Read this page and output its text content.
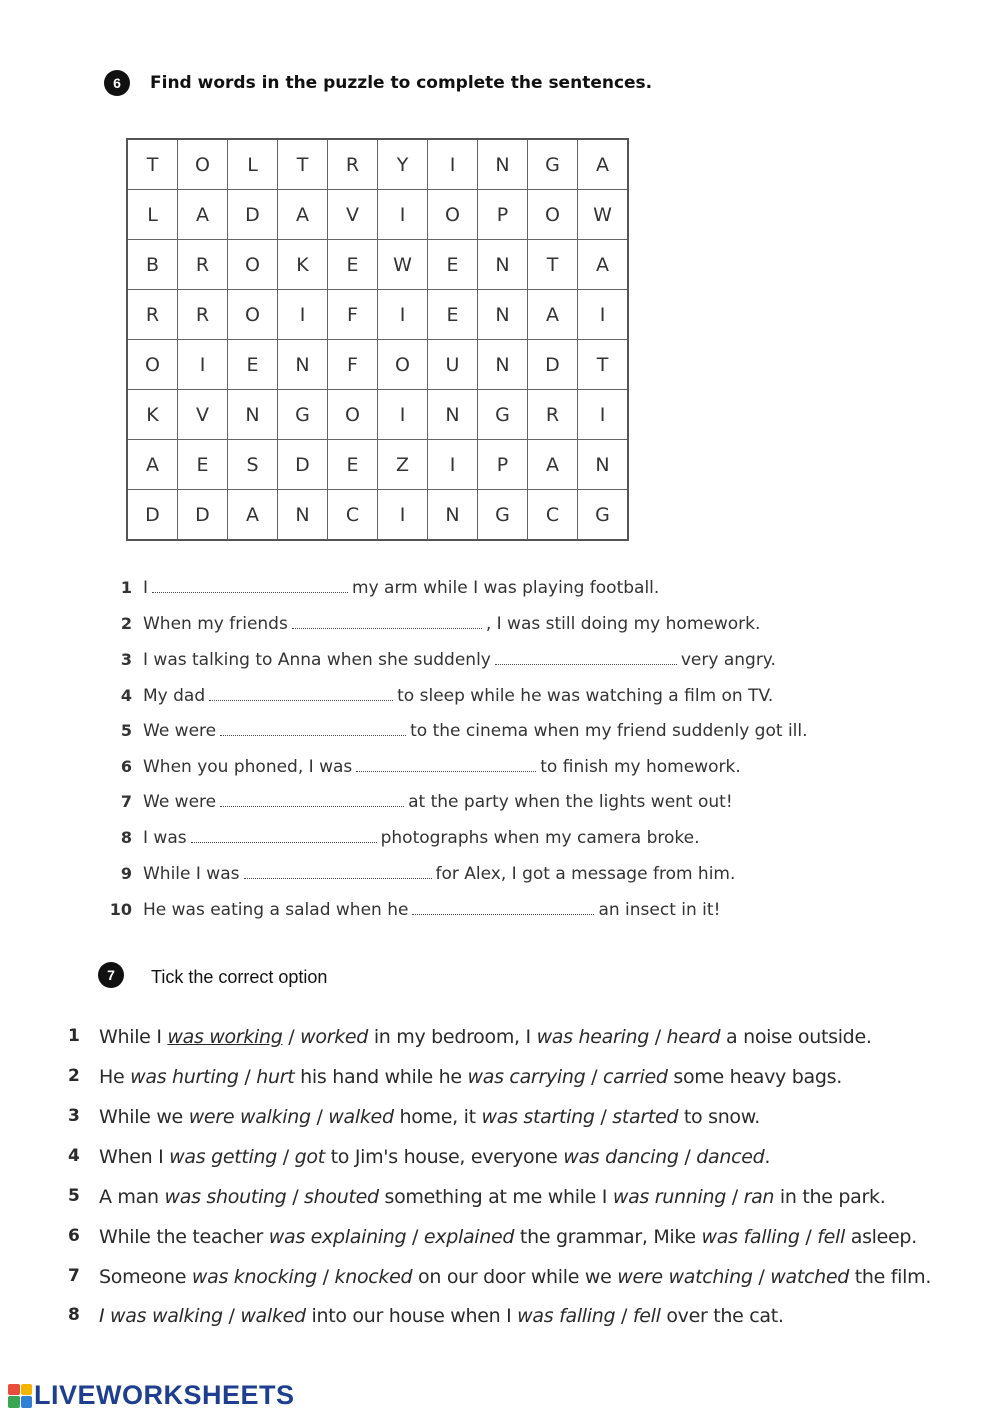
6	Find words in the puzzle to complete the sentences.
T	O	L	T	R	Y	I	N	G	A
L	A	D	A	V	I	O	P	O	W
B	R	O	K	E	W	E	N	T	A
R	R	O	I	F	I	E	N	A	I
O	I	E	N	F	O	U	N	D	T
K	V	N	G	O	I	N	G	R	I
A	E	S	D	E	Z	I	P	A	N
D	D	A	N	C	I	N	G	C	G
1 I	my arm while I was playing football.
2 When my friends	, I was still doing my homework.
3 I was talking to Anna when she suddenly	very angry.
4 My dad	to sleep while he was watching a film on TV.
5 We were	to the cinema when my friend suddenly got ill.
6 When you phoned, I was	to finish my homework.
7 We were	at the party when the lights went out!
8 I was	photographs when my camera broke.
9 While I was	for Alex, I got a message from him.
10 He was eating a salad when he	an insect in it!
7	Tick the correct option
1	While I was working / worked in my bedroom, I was hearing / heard a noise outside.
2	He was hurting / hurt his hand while he was carrying / carried some heavy bags.
3	While we were walking / walked home, it was starting / started to snow.
4	When I was getting / got to Jim's house, everyone was dancing / danced.
5	A man was shouting / shouted something at me while I was running / ran in the park.
6	While the teacher was explaining / explained the grammar, Mike was falling / fell asleep.
7	Someone was knocking / knocked on our door while we were watching / watched the film.
8	I was walking / walked into our house when I was falling / fell over the cat.
LIVEWORKSHEETS
